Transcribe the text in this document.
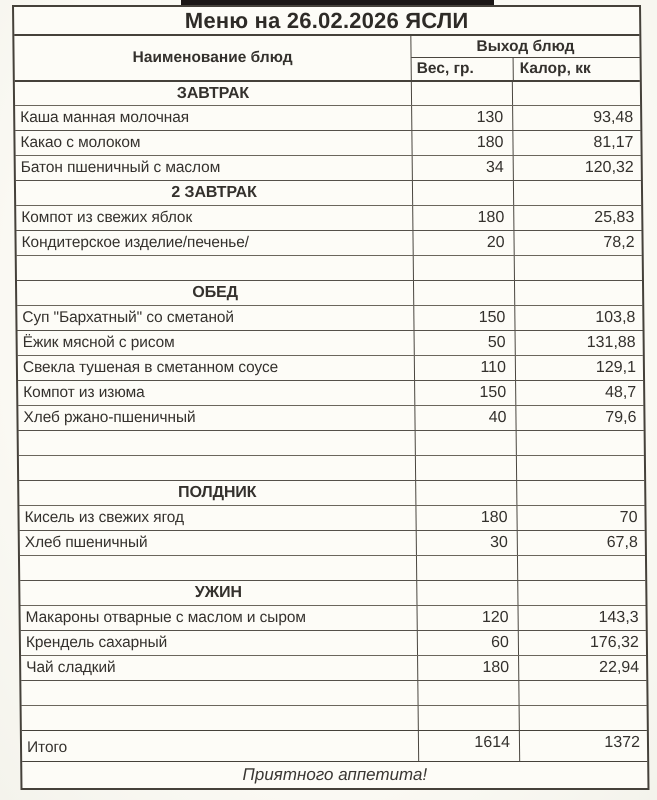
Меню на 26.02.2026 ЯСЛИ
Наименование блюд
Выход блюд
Вес, гр.	Калор, кк
ЗАВТРАК
Каша манная молочная	130	93,48
Какао с молоком	180	81,17
Батон пшеничный с маслом	34	120,32
2 ЗАВТРАК
Компот из свежих яблок	180	25,83
Кондитерское изделие/печенье/	20	78,2
ОБЕД
Суп "Бархатный" со сметаной	150	103,8
Ёжик мясной с рисом	50	131,88
Свекла тушеная в сметанном соусе	110	129,1
Компот из изюма	150	48,7
Хлеб ржано-пшеничный	40	79,6
ПОЛДНИК
Кисель из свежих ягод	180	70
Хлеб пшеничный	30	67,8
УЖИН
Макароны отварные с маслом и сыром	120	143,3
Крендель сахарный	60	176,32
Чай сладкий	180	22,94
Итого	1614	1372
Приятного аппетита!
